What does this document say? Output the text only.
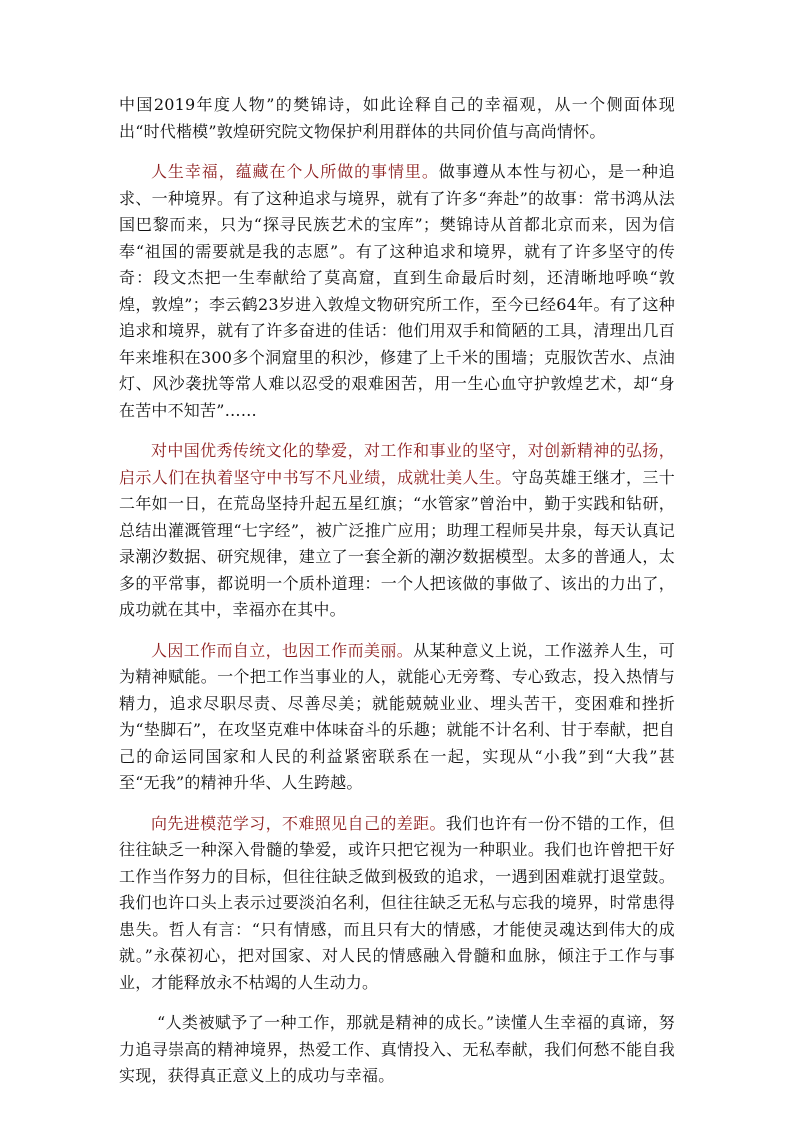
中国2019年度人物”的樊锦诗，如此诠释自己的幸福观，从一个侧面体现出“时代楷模”敦煌研究院文物保护利用群体的共同价值与高尚情怀。

人生幸福，蕴藏在个人所做的事情里。做事遵从本性与初心，是一种追求、一种境界。有了这种追求与境界，就有了许多“奔赴”的故事：常书鸿从法国巴黎而来，只为“探寻民族艺术的宝库”；樊锦诗从首都北京而来，因为信奉“祖国的需要就是我的志愿”。有了这种追求和境界，就有了许多坚守的传奇：段文杰把一生奉献给了莫高窟，直到生命最后时刻，还清晰地呼唤“敦煌，敦煌”；李云鹤23岁进入敦煌文物研究所工作，至今已经64年。有了这种追求和境界，就有了许多奋进的佳话：他们用双手和简陋的工具，清理出几百年来堆积在300多个洞窟里的积沙，修建了上千米的围墙；克服饮苦水、点油灯、风沙袭扰等常人难以忍受的艰难困苦，用一生心血守护敦煌艺术，却“身在苦中不知苦”……

对中国优秀传统文化的挚爱，对工作和事业的坚守，对创新精神的弘扬，启示人们在执着坚守中书写不凡业绩，成就壮美人生。守岛英雄王继才，三十二年如一日，在荒岛坚持升起五星红旗；“水管家”曾治中，勤于实践和钻研，总结出灌溉管理“七字经”，被广泛推广应用；助理工程师吴井泉，每天认真记录潮汐数据、研究规律，建立了一套全新的潮汐数据模型。太多的普通人，太多的平常事，都说明一个质朴道理：一个人把该做的事做了、该出的力出了，成功就在其中，幸福亦在其中。

人因工作而自立，也因工作而美丽。从某种意义上说，工作滋养人生，可为精神赋能。一个把工作当事业的人，就能心无旁骛、专心致志，投入热情与精力，追求尽职尽责、尽善尽美；就能兢兢业业、埋头苦干，变困难和挫折为“垫脚石”，在攻坚克难中体味奋斗的乐趣；就能不计名利、甘于奉献，把自己的命运同国家和人民的利益紧密联系在一起，实现从“小我”到“大我”甚至“无我”的精神升华、人生跨越。

向先进模范学习，不难照见自己的差距。我们也许有一份不错的工作，但往往缺乏一种深入骨髓的挚爱，或许只把它视为一种职业。我们也许曾把干好工作当作努力的目标，但往往缺乏做到极致的追求，一遇到困难就打退堂鼓。我们也许口头上表示过要淡泊名利，但往往缺乏无私与忘我的境界，时常患得患失。哲人有言：“只有情感，而且只有大的情感，才能使灵魂达到伟大的成就。”永葆初心，把对国家、对人民的情感融入骨髓和血脉，倾注于工作与事业，才能释放永不枯竭的人生动力。

“人类被赋予了一种工作，那就是精神的成长。”读懂人生幸福的真谛，努力追寻崇高的精神境界，热爱工作、真情投入、无私奉献，我们何愁不能自我实现，获得真正意义上的成功与幸福。
